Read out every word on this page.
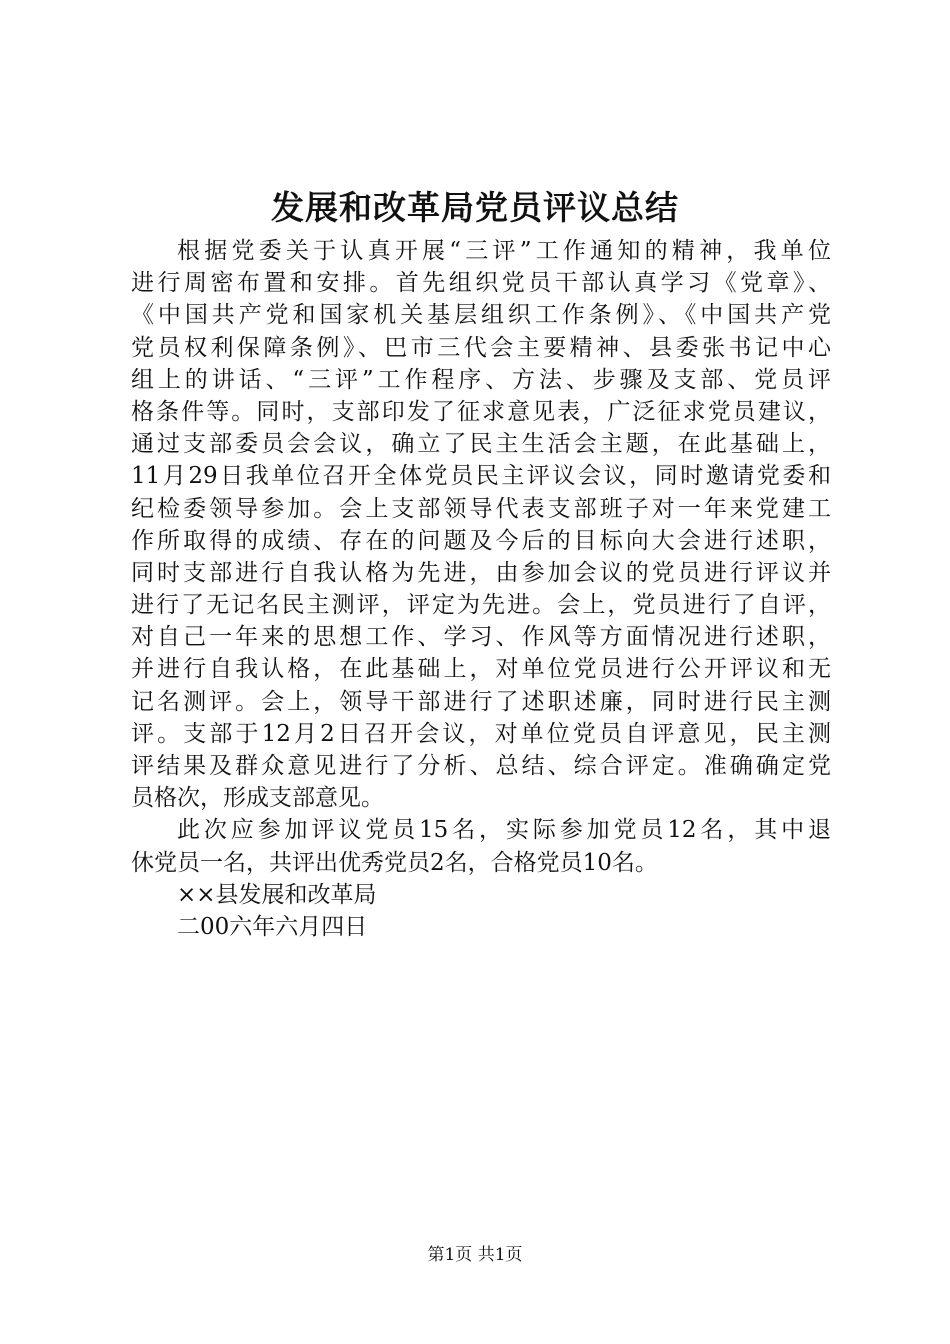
发展和改革局党员评议总结
根据党委关于认真开展“三评”工作通知的精神，我单位
进行周密布置和安排。首先组织党员干部认真学习《党章》、
《中国共产党和国家机关基层组织工作条例》、《中国共产党
党员权利保障条例》、巴市三代会主要精神、县委张书记中心
组上的讲话、“三评”工作程序、方法、步骤及支部、党员评
格条件等。同时，支部印发了征求意见表，广泛征求党员建议，
通过支部委员会会议，确立了民主生活会主题，在此基础上，
11月29日我单位召开全体党员民主评议会议，同时邀请党委和
纪检委领导参加。会上支部领导代表支部班子对一年来党建工
作所取得的成绩、存在的问题及今后的目标向大会进行述职，
同时支部进行自我认格为先进，由参加会议的党员进行评议并
进行了无记名民主测评，评定为先进。会上，党员进行了自评，
对自己一年来的思想工作、学习、作风等方面情况进行述职，
并进行自我认格，在此基础上，对单位党员进行公开评议和无
记名测评。会上，领导干部进行了述职述廉，同时进行民主测
评。支部于12月2日召开会议，对单位党员自评意见，民主测
评结果及群众意见进行了分析、总结、综合评定。准确确定党
员格次，形成支部意见。
此次应参加评议党员15名，实际参加党员12名，其中退
休党员一名，共评出优秀党员2名，合格党员10名。
××县发展和改革局
二00六年六月四日
第1页 共1页
